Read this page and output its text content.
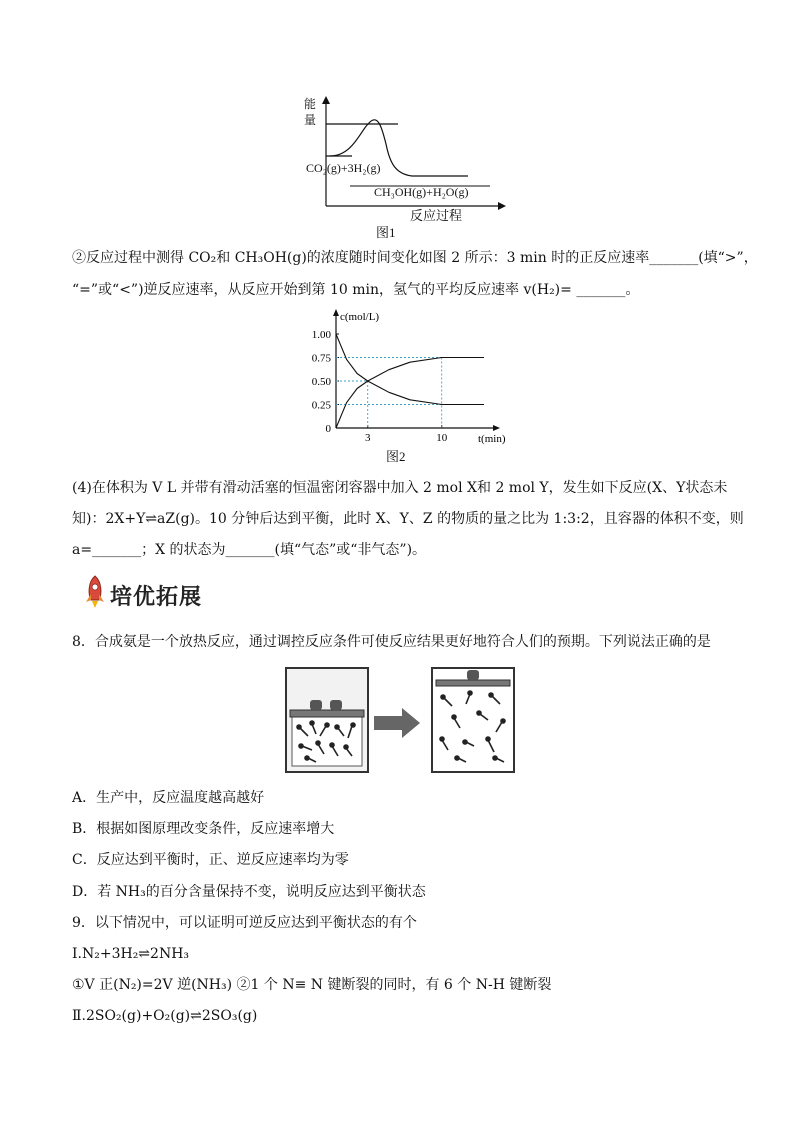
能
量
CO₂(g)+3H₂(g)
CH₃OH(g)+H₂O(g)
反应过程
图1
②反应过程中测得 CO₂和 CH₃OH(g)的浓度随时间变化如图 2 所示：3 min 时的正反应速率_______(填“>”，
“=”或“<”)逆反应速率，从反应开始到第 10 min，氢气的平均反应速率 v(H₂)= _______。
0
0.25
0.50
0.75
1.00
3	10
c(mol/L)
t(min)
图2
(4)在体积为 V L 并带有滑动活塞的恒温密闭容器中加入 2 mol X和 2 mol Y，发生如下反应(X、Y状态未
知)：2X+Y⇌aZ(g)。10 分钟后达到平衡，此时 X、Y、Z 的物质的量之比为 1:3:2，且容器的体积不变，则
a=_______；X 的状态为_______(填“气态”或“非气态”)。
培优拓展
8．合成氨是一个放热反应，通过调控反应条件可使反应结果更好地符合人们的预期。下列说法正确的是
A．生产中，反应温度越高越好
B．根据如图原理改变条件，反应速率增大
C．反应达到平衡时，正、逆反应速率均为零
D．若 NH₃的百分含量保持不变，说明反应达到平衡状态
9．以下情况中，可以证明可逆反应达到平衡状态的有个
Ⅰ.N₂+3H₂⇌2NH₃
①V 正(N₂)=2V 逆(NH₃) ②1 个 N≡ N 键断裂的同时，有 6 个 N-H 键断裂
Ⅱ.2SO₂(g)+O₂(g)⇌2SO₃(g)
